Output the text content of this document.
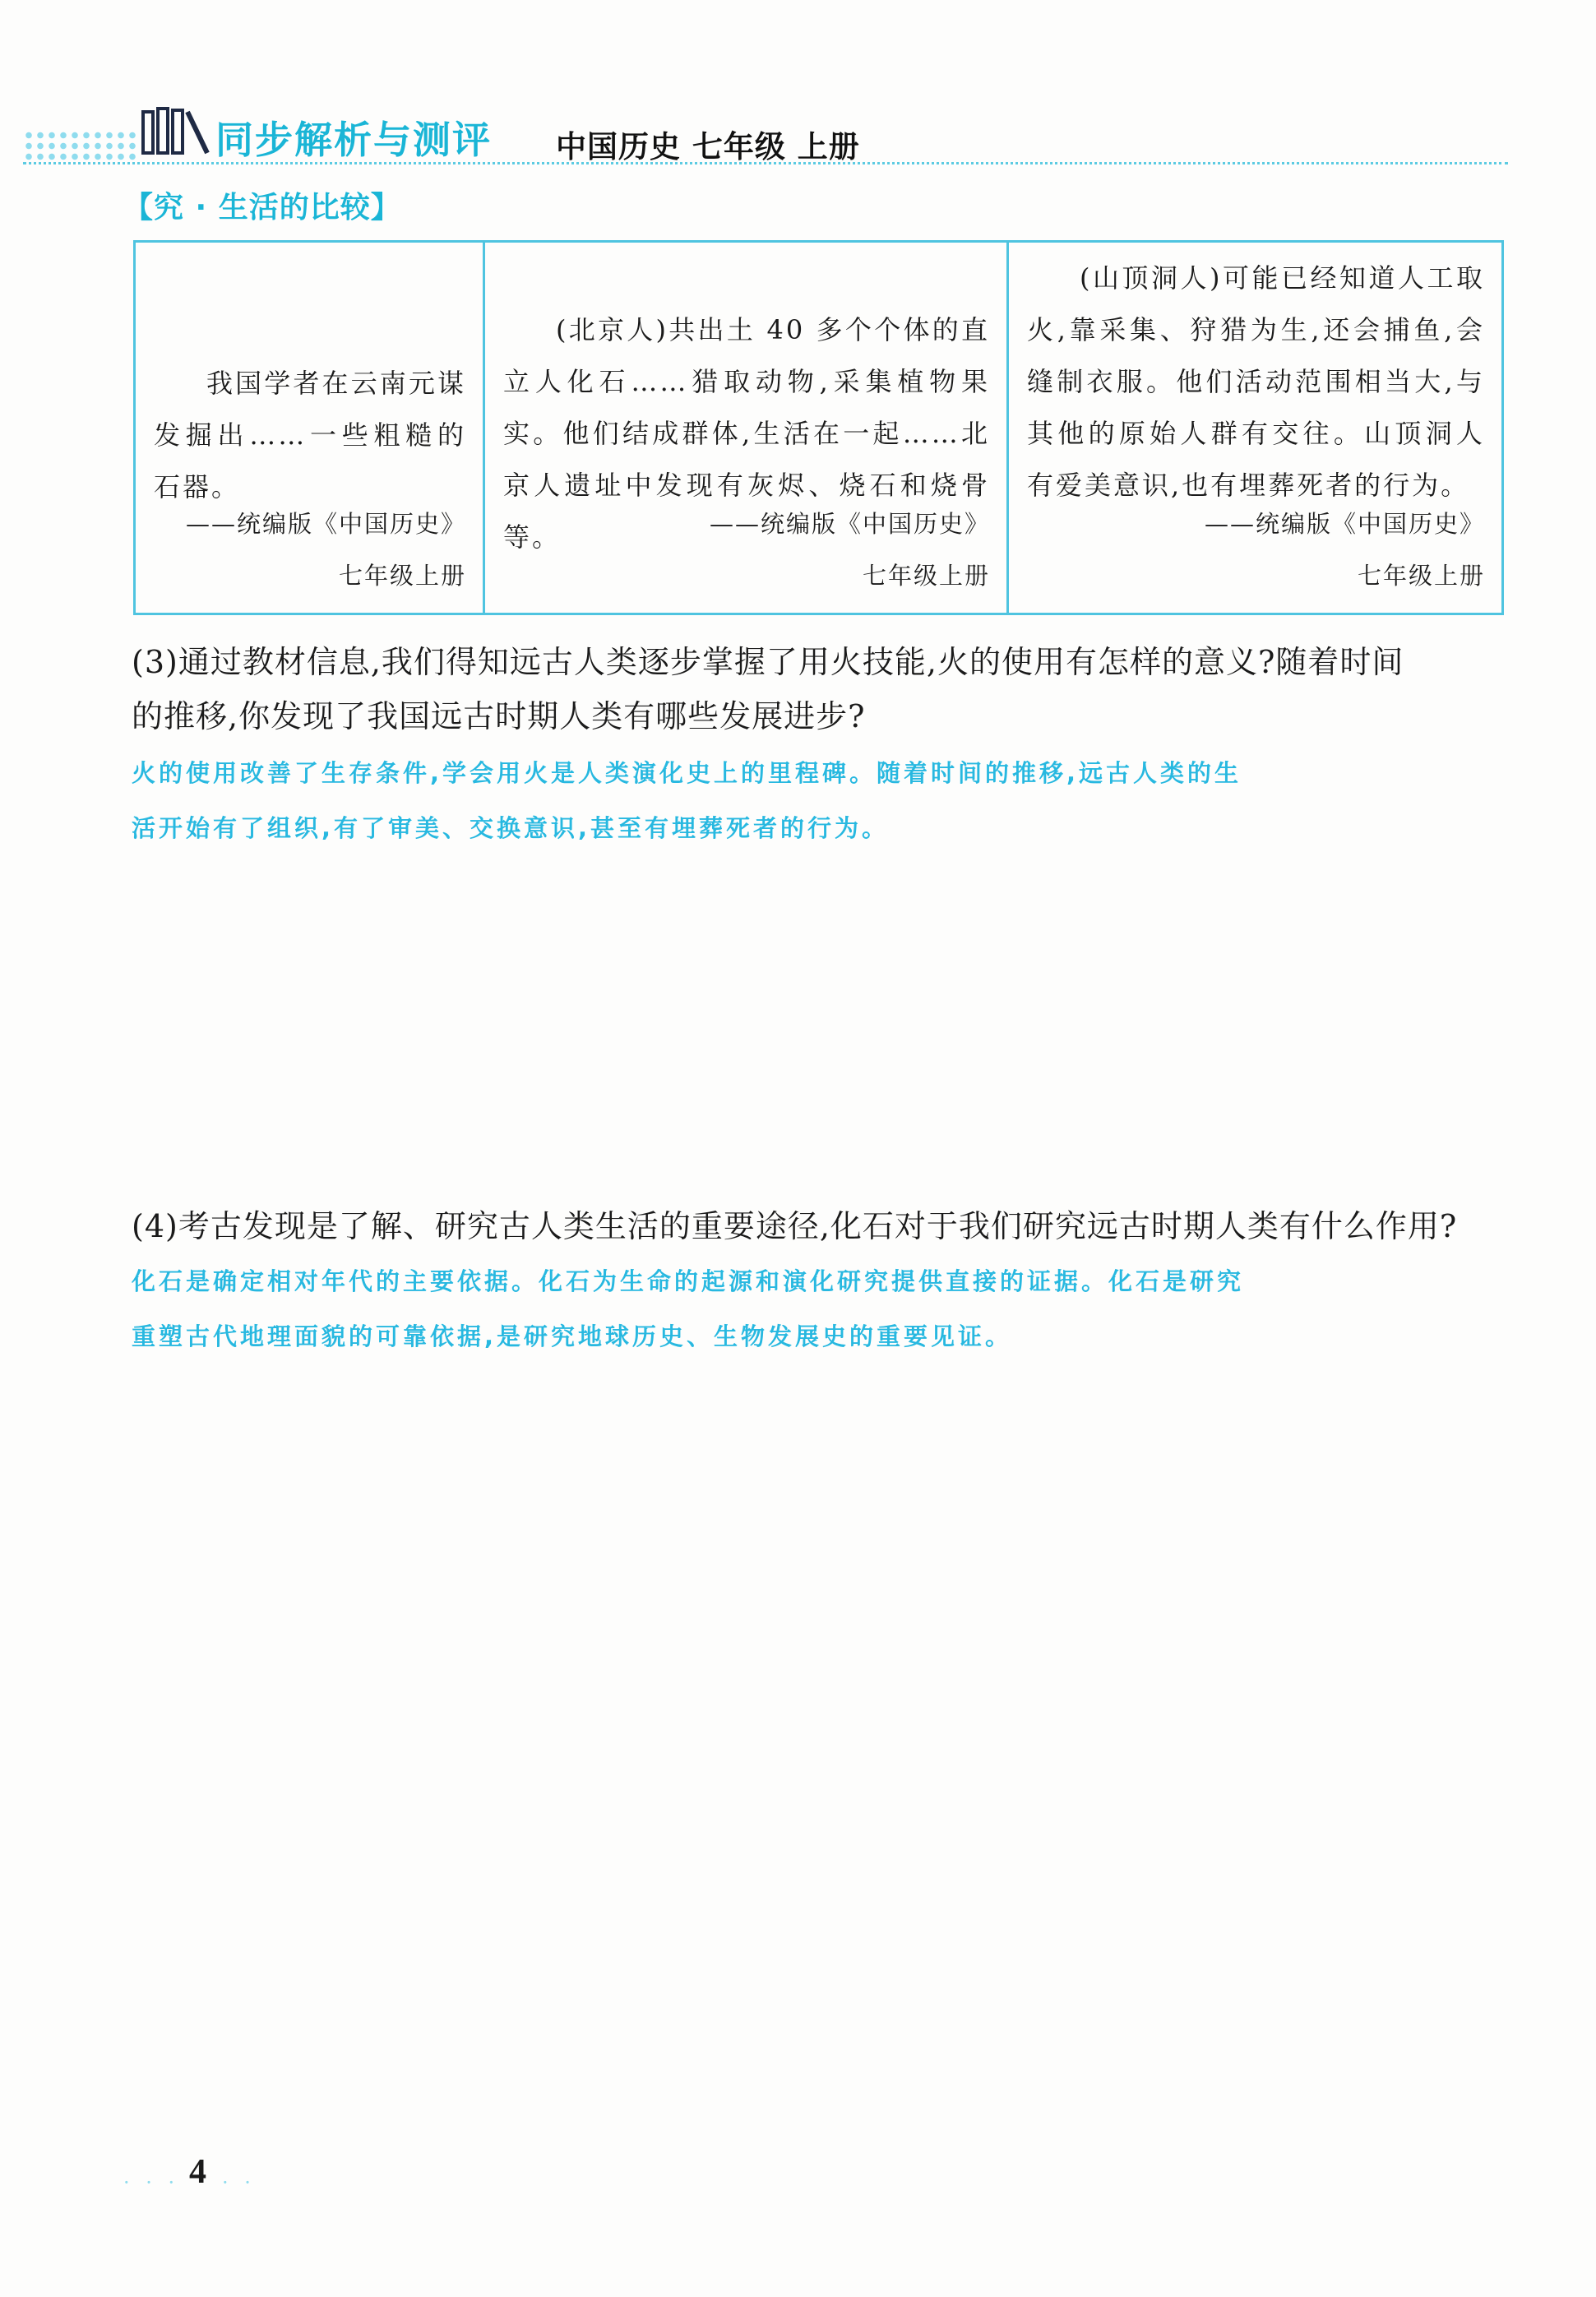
同步解析与测评 中国历史 七年级 上册
【究 · 生活的比较】
我国学者在云南元谋发掘出……一些粗糙的石器。
——统编版《中国历史》
七年级上册
(北京人)共出土 40 多个个体的直立人化石……猎取动物,采集植物果实。他们结成群体,生活在一起……北京人遗址中发现有灰烬、烧石和烧骨等。	——统编版《中国历史》
七年级上册
(山顶洞人)可能已经知道人工取火,靠采集、狩猎为生,还会捕鱼,会缝制衣服。他们活动范围相当大,与其他的原始人群有交往。山顶洞人有爱美意识,也有埋葬死者的行为。
——统编版《中国历史》
七年级上册
(3)通过教材信息,我们得知远古人类逐步掌握了用火技能,火的使用有怎样的意义?随着时间
的推移,你发现了我国远古时期人类有哪些发展进步?
火的使用改善了生存条件,学会用火是人类演化史上的里程碑。随着时间的推移,远古人类的生
活开始有了组织,有了审美、交换意识,甚至有埋葬死者的行为。
(4)考古发现是了解、研究古人类生活的重要途径,化石对于我们研究远古时期人类有什么作用?
化石是确定相对年代的主要依据。化石为生命的起源和演化研究提供直接的证据。化石是研究
重塑古代地理面貌的可靠依据,是研究地球历史、生物发展史的重要见证。
· · · 4 · ·
